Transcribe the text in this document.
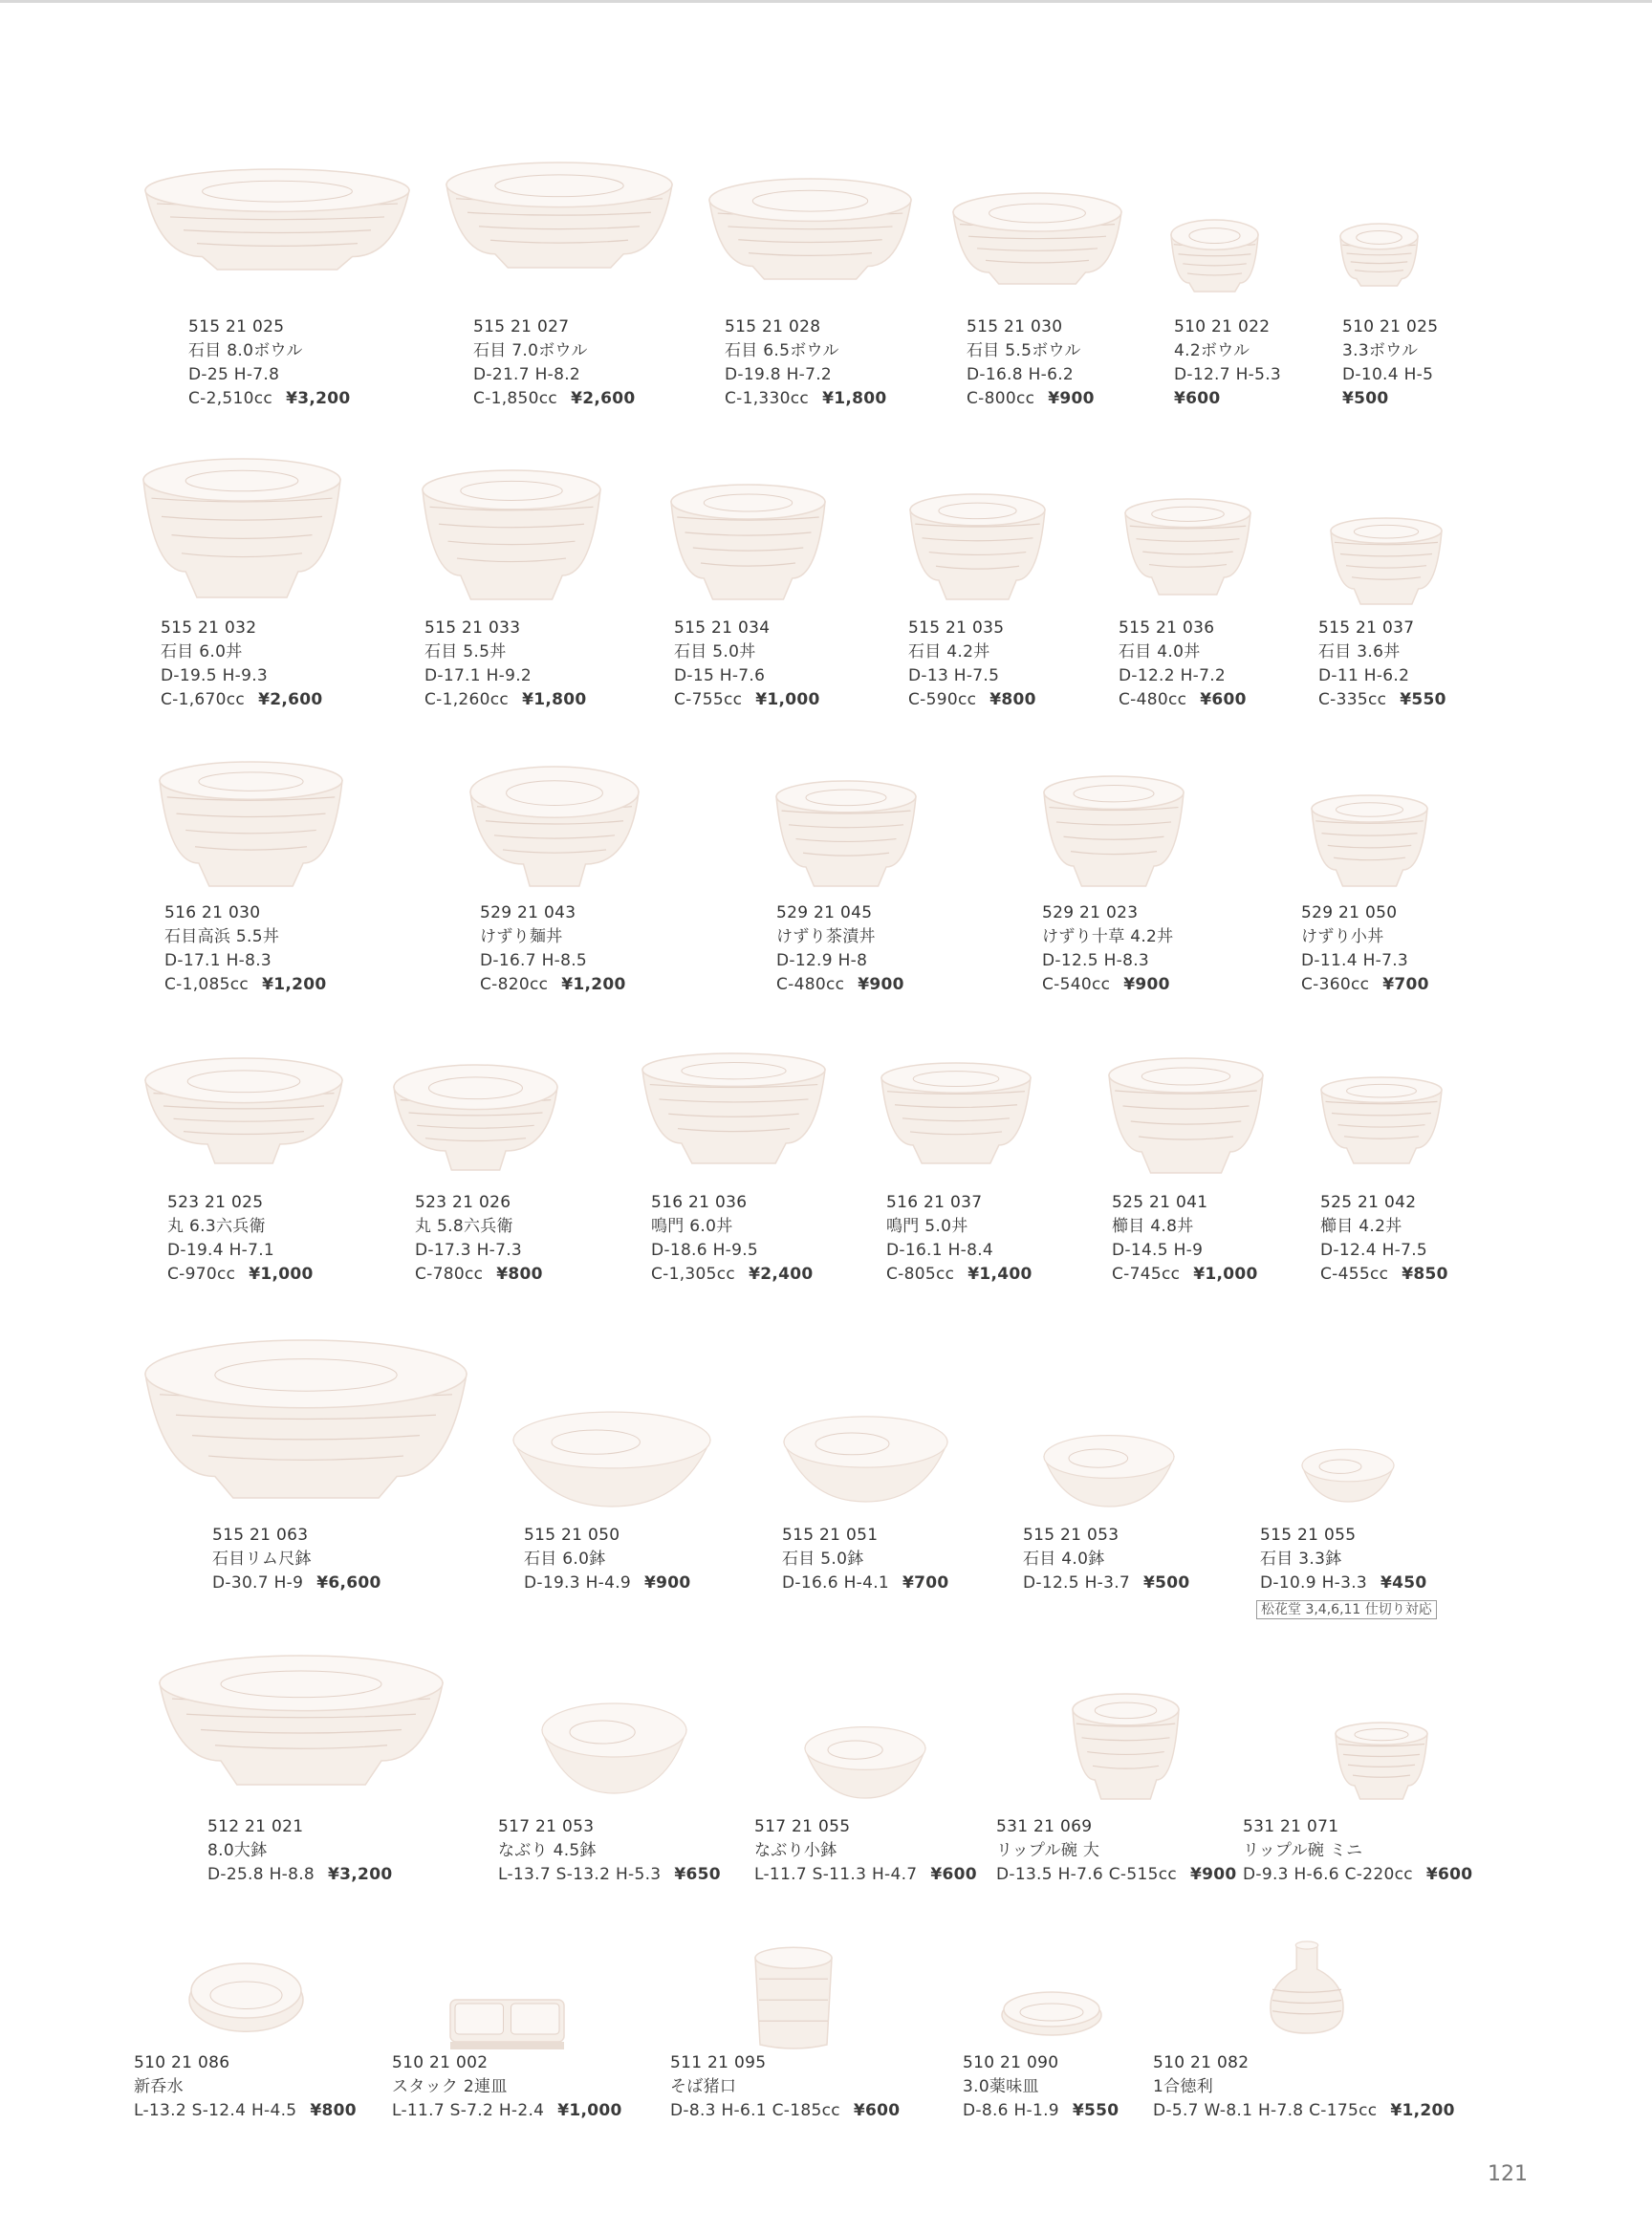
515 21 025
石目 8.0ボウル
D-25 H-7.8
C-2,510cc ¥3,200
515 21 027
石目 7.0ボウル
D-21.7 H-8.2
C-1,850cc ¥2,600
515 21 028
石目 6.5ボウル
D-19.8 H-7.2
C-1,330cc ¥1,800
515 21 030
石目 5.5ボウル
D-16.8 H-6.2
C-800cc ¥900
510 21 022
4.2ボウル
D-12.7 H-5.3
¥600
510 21 025
3.3ボウル
D-10.4 H-5
¥500
515 21 032
石目 6.0丼
D-19.5 H-9.3
C-1,670cc ¥2,600
515 21 033
石目 5.5丼
D-17.1 H-9.2
C-1,260cc ¥1,800
515 21 034
石目 5.0丼
D-15 H-7.6
C-755cc ¥1,000
515 21 035
石目 4.2丼
D-13 H-7.5
C-590cc ¥800
515 21 036
石目 4.0丼
D-12.2 H-7.2
C-480cc ¥600
515 21 037
石目 3.6丼
D-11 H-6.2
C-335cc ¥550
516 21 030
石目高浜 5.5丼
D-17.1 H-8.3
C-1,085cc ¥1,200
529 21 043
けずり麺丼
D-16.7 H-8.5
C-820cc ¥1,200
529 21 045
けずり茶漬丼
D-12.9 H-8
C-480cc ¥900
529 21 023
けずり十草 4.2丼
D-12.5 H-8.3
C-540cc ¥900
529 21 050
けずり小丼
D-11.4 H-7.3
C-360cc ¥700
523 21 025
丸 6.3六兵衛
D-19.4 H-7.1
C-970cc ¥1,000
523 21 026
丸 5.8六兵衛
D-17.3 H-7.3
C-780cc ¥800
516 21 036
鳴門 6.0丼
D-18.6 H-9.5
C-1,305cc ¥2,400
516 21 037
鳴門 5.0丼
D-16.1 H-8.4
C-805cc ¥1,400
525 21 041
櫛目 4.8丼
D-14.5 H-9
C-745cc ¥1,000
525 21 042
櫛目 4.2丼
D-12.4 H-7.5
C-455cc ¥850
515 21 063
石目リム尺鉢
D-30.7 H-9 ¥6,600
515 21 050
石目 6.0鉢
D-19.3 H-4.9 ¥900
515 21 051
石目 5.0鉢
D-16.6 H-4.1 ¥700
515 21 053
石目 4.0鉢
D-12.5 H-3.7 ¥500
515 21 055
石目 3.3鉢
D-10.9 H-3.3 ¥450
松花堂 3,4,6,11 仕切り対応
512 21 021
8.0大鉢
D-25.8 H-8.8 ¥3,200
517 21 053
なぶり 4.5鉢
L-13.7 S-13.2 H-5.3 ¥650
517 21 055
なぶり小鉢
L-11.7 S-11.3 H-4.7 ¥600
531 21 069
リップル碗 大
D-13.5 H-7.6 C-515cc ¥900
531 21 071
リップル碗 ミニ
D-9.3 H-6.6 C-220cc ¥600
510 21 086
新呑水
L-13.2 S-12.4 H-4.5 ¥800
510 21 002
スタック 2連皿
L-11.7 S-7.2 H-2.4 ¥1,000
511 21 095
そば猪口
D-8.3 H-6.1 C-185cc ¥600
510 21 090
3.0薬味皿
D-8.6 H-1.9 ¥550
510 21 082
1合徳利
D-5.7 W-8.1 H-7.8 C-175cc ¥1,200
121
